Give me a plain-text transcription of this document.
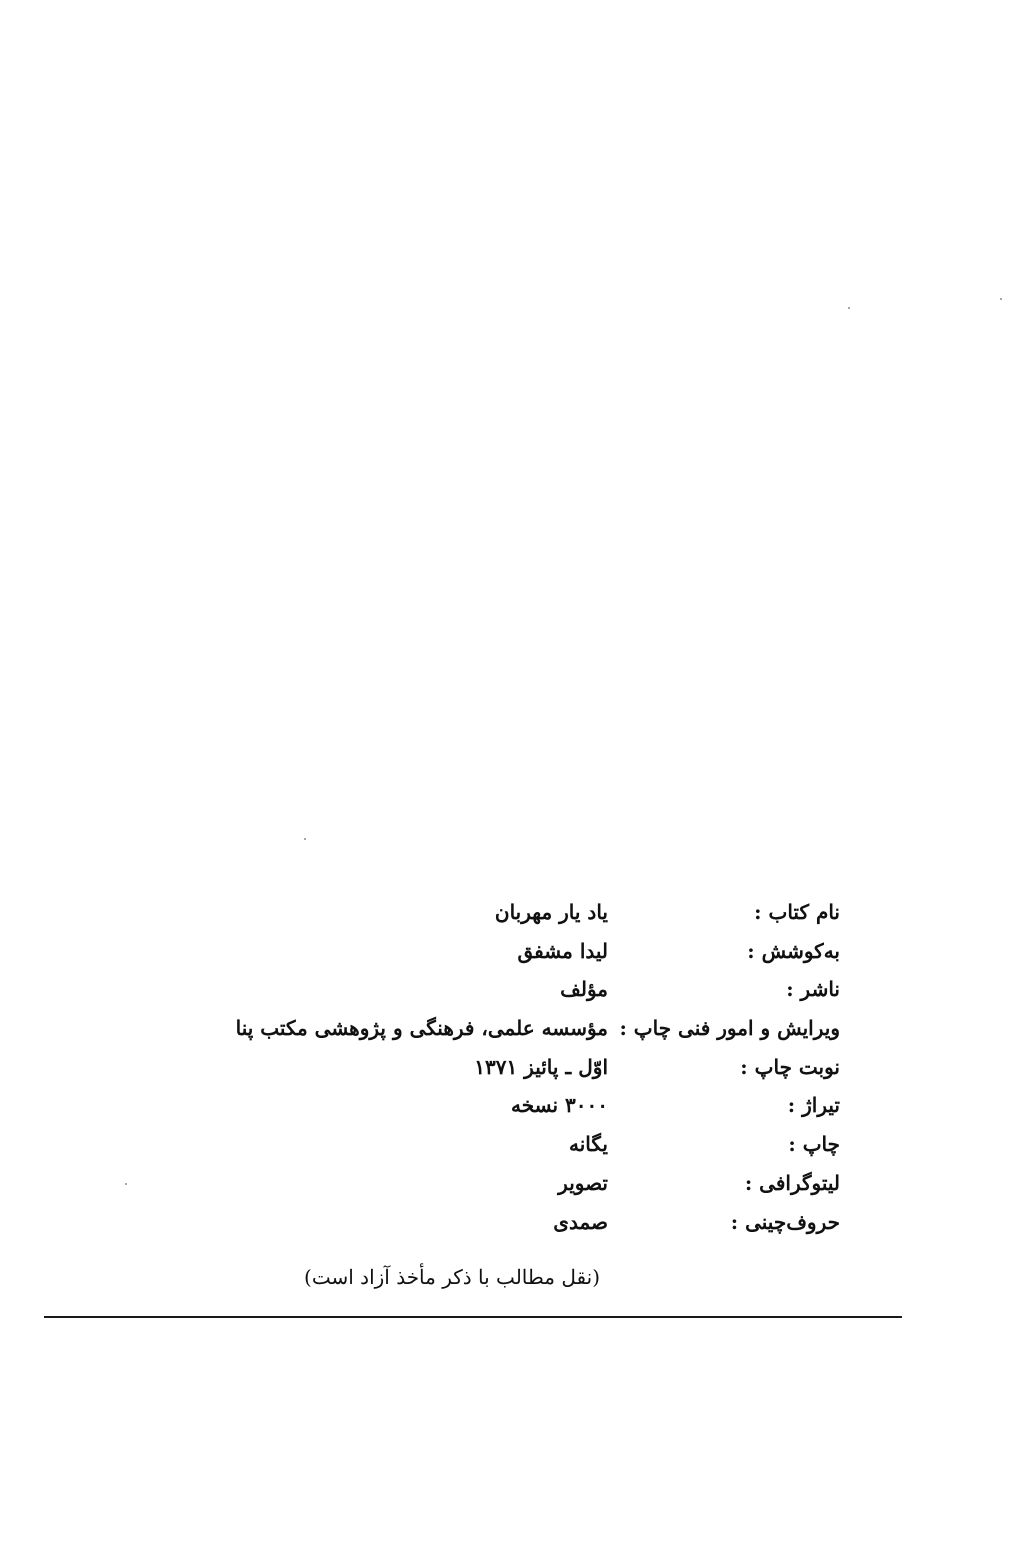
نام کتاب :
یاد یار مهربان
به‌کوشش :
لیدا مشفق
ناشر :
مؤلف
ویرایش و امور فنی چاپ :
مؤسسه علمی، فرهنگی و پژوهشی مکتب پنا
نوبت چاپ :
اوّل ـ پائیز ۱۳۷۱
تیراژ :
۳۰۰۰ نسخه
چاپ :
یگانه
لیتوگرافی :
تصویر
حروف‌چینی :
صمدی
(نقل مطالب با ذکر مأخذ آزاد است)
